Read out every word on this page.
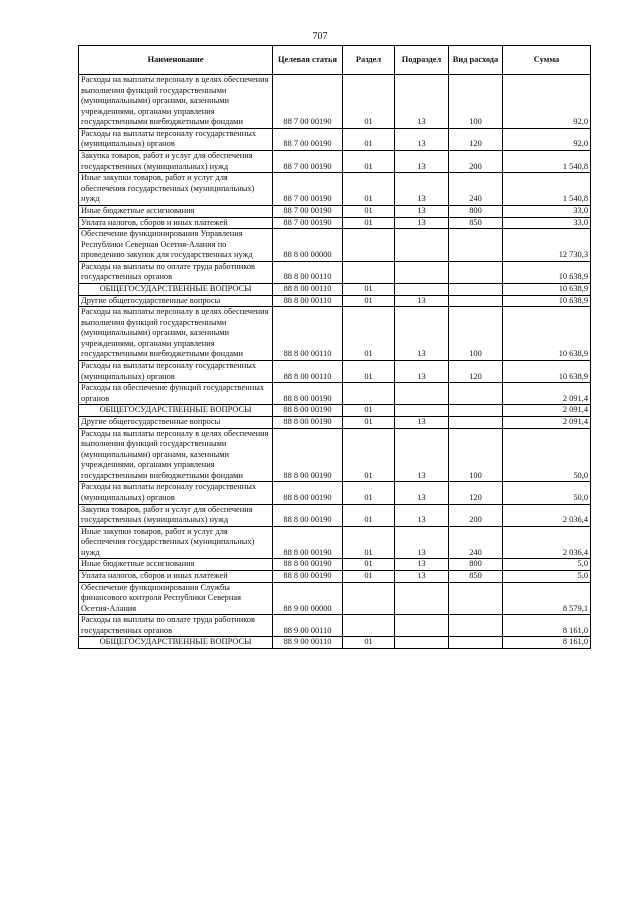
707
Наименование	Целевая статья	Раздел	Подраздел	Вид расхода	Сумма
Расходы на выплаты персоналу в целях обеспечения выполнения функций государственными (муниципальными) органами, казенными учреждениями, органами управления государственными внебюджетными фондами	88 7 00 00190	01	13	100	92,0
Расходы на выплаты персоналу государственных (муниципальных) органов	88 7 00 00190	01	13	120	92,0
Закупка товаров, работ и услуг для обеспечения государственных (муниципальных) нужд	88 7 00 00190	01	13	200	1 540,8
Иные закупки товаров, работ и услуг для обеспечения государственных (муниципальных) нужд	88 7 00 00190	01	13	240	1 540,8
Иные бюджетные ассигнования	88 7 00 00190	01	13	800	33,0
Уплата налогов, сборов и иных платежей	88 7 00 00190	01	13	850	33,0
Обеспечение функционирования Управления Республики Северная Осетия-Алания по проведению закупок для государственных нужд	88 8 00 00000				12 730,3
Расходы на выплаты по оплате труда работников государственных органов	88 8 00 00110				10 638,9
ОБЩЕГОСУДАРСТВЕННЫЕ ВОПРОСЫ	88 8 00 00110	01			10 638,9
Другие общегосударственные вопросы	88 8 00 00110	01	13		10 638,9
Расходы на выплаты персоналу в целях обеспечения выполнения функций государственными (муниципальными) органами, казенными учреждениями, органами управления государственными внебюджетными фондами	88 8 00 00110	01	13	100	10 638,9
Расходы на выплаты персоналу государственных (муниципальных) органов	88 8 00 00110	01	13	120	10 638,9
Расходы на обеспечение функций государственных органов	88 8 00 00190				2 091,4
ОБЩЕГОСУДАРСТВЕННЫЕ ВОПРОСЫ	88 8 00 00190	01			2 091,4
Другие общегосударственные вопросы	88 8 00 00190	01	13		2 091,4
Расходы на выплаты персоналу в целях обеспечения выполнения функций государственными (муниципальными) органами, казенными учреждениями, органами управления государственными внебюджетными фондами	88 8 00 00190	01	13	100	50,0
Расходы на выплаты персоналу государственных (муниципальных) органов	88 8 00 00190	01	13	120	50,0
Закупка товаров, работ и услуг для обеспечения государственных (муниципальных) нужд	88 8 00 00190	01	13	200	2 036,4
Иные закупки товаров, работ и услуг для обеспечения государственных (муниципальных) нужд	88 8 00 00190	01	13	240	2 036,4
Иные бюджетные ассигнования	88 8 00 00190	01	13	800	5,0
Уплата налогов, сборов и иных платежей	88 8 00 00190	01	13	850	5,0
Обеспечение функционирования Службы финансового контроля Республики Северная Осетия-Алания	88 9 00 00000				8 579,1
Расходы на выплаты по оплате труда работников государственных органов	88 9 00 00110				8 161,0
ОБЩЕГОСУДАРСТВЕННЫЕ ВОПРОСЫ	88 9 00 00110	01			8 161,0
